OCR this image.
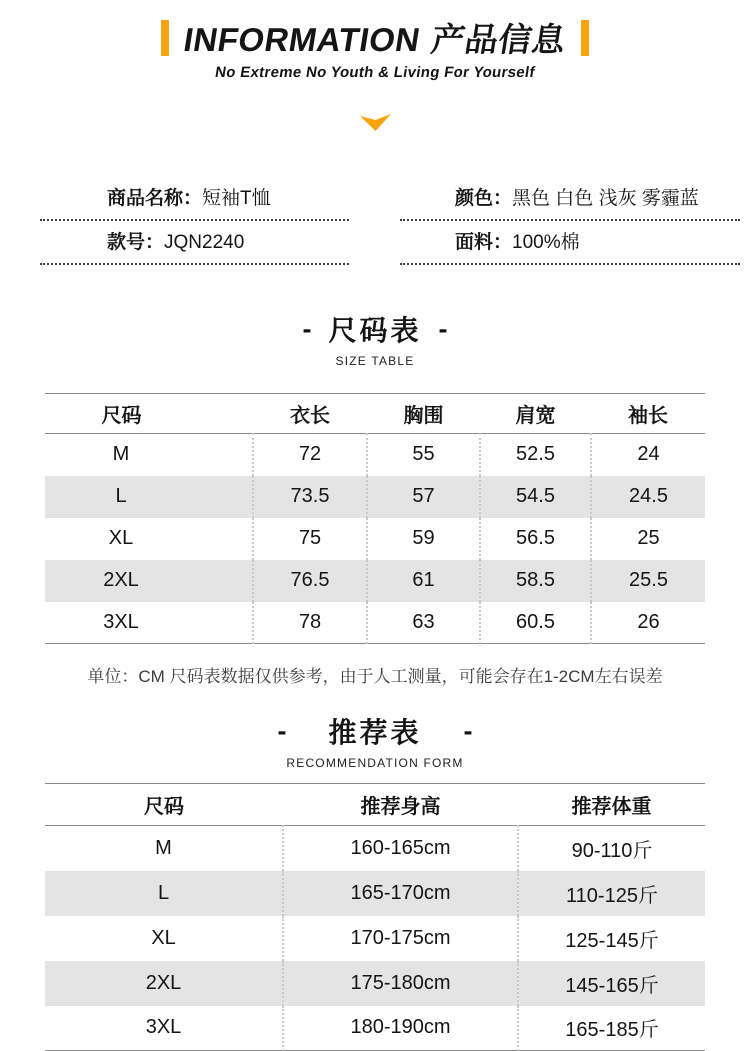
INFORMATION 产品信息
No Extreme No Youth & Living For Yourself
商品名称：短袖T恤	颜色：黑色 白色 浅灰 雾霾蓝
款号：JQN2240	面料：100%棉
- 尺码表 -
SIZE TABLE
尺码	衣长	胸围	肩宽	袖长
M	72	55	52.5	24
L	73.5	57	54.5	24.5
XL	75	59	56.5	25
2XL	76.5	61	58.5	25.5
3XL	78	63	60.5	26

单位：CM 尺码表数据仅供参考，由于人工测量，可能会存在1-2CM左右误差

- 推荐表 -
RECOMMENDATION FORM
尺码	推荐身高	推荐体重
M	160-165cm	90-110斤
L	165-170cm	110-125斤
XL	170-175cm	125-145斤
2XL	175-180cm	145-165斤
3XL	180-190cm	165-185斤
